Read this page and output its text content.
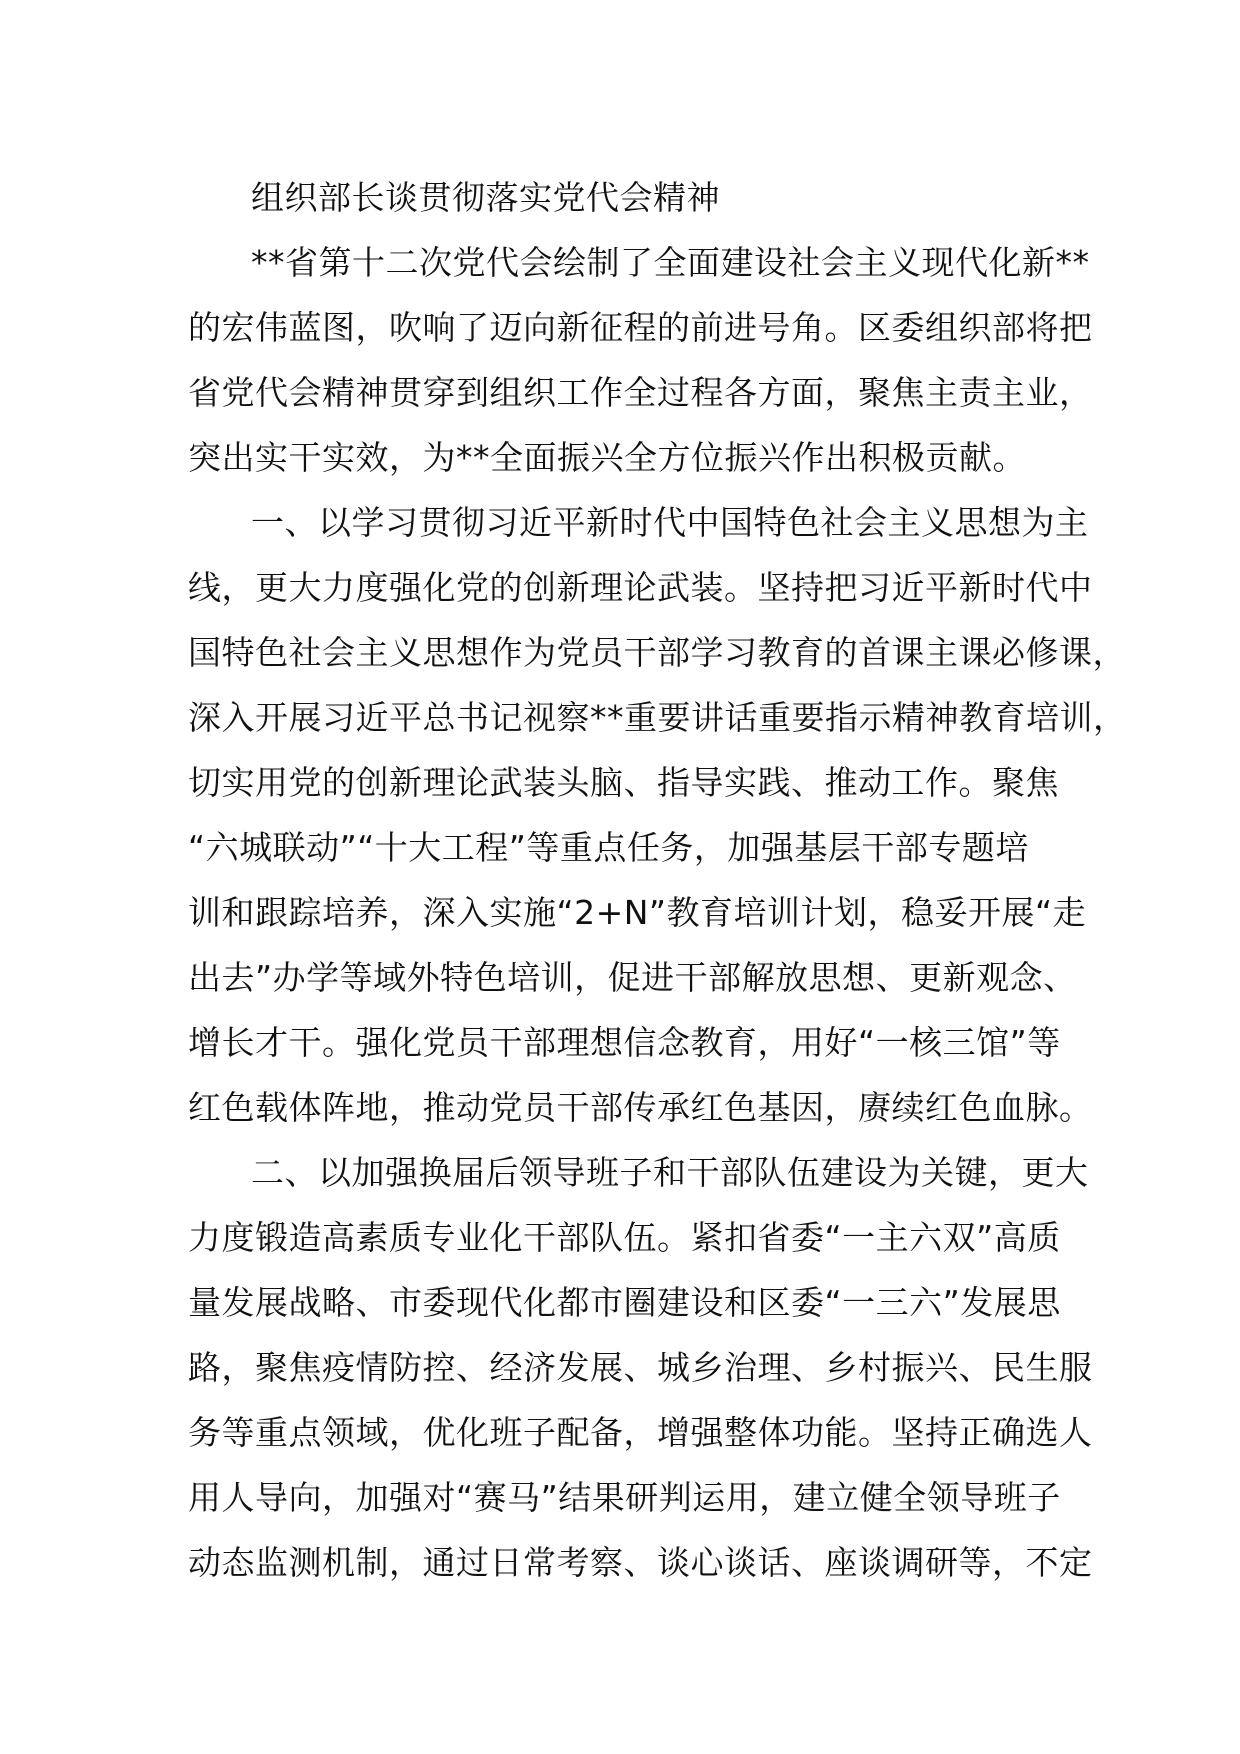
组织部长谈贯彻落实党代会精神

**省第十二次党代会绘制了全面建设社会主义现代化新**
的宏伟蓝图，吹响了迈向新征程的前进号角。区委组织部将把
省党代会精神贯穿到组织工作全过程各方面，聚焦主责主业，
突出实干实效，为**全面振兴全方位振兴作出积极贡献。

一、以学习贯彻习近平新时代中国特色社会主义思想为主
线，更大力度强化党的创新理论武装。坚持把习近平新时代中
国特色社会主义思想作为党员干部学习教育的首课主课必修课，
深入开展习近平总书记视察**重要讲话重要指示精神教育培训，
切实用党的创新理论武装头脑、指导实践、推动工作。聚焦
“六城联动”“十大工程”等重点任务，加强基层干部专题培
训和跟踪培养，深入实施“2+N”教育培训计划，稳妥开展“走
出去”办学等域外特色培训，促进干部解放思想、更新观念、
增长才干。强化党员干部理想信念教育，用好“一核三馆”等
红色载体阵地，推动党员干部传承红色基因，赓续红色血脉。

二、以加强换届后领导班子和干部队伍建设为关键，更大
力度锻造高素质专业化干部队伍。紧扣省委“一主六双”高质
量发展战略、市委现代化都市圈建设和区委“一三六”发展思
路，聚焦疫情防控、经济发展、城乡治理、乡村振兴、民生服
务等重点领域，优化班子配备，增强整体功能。坚持正确选人
用人导向，加强对“赛马”结果研判运用，建立健全领导班子
动态监测机制，通过日常考察、谈心谈话、座谈调研等，不定
